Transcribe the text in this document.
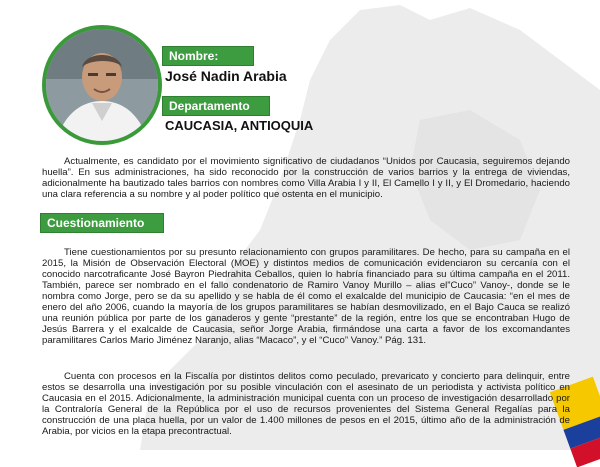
Nombre:
José Nadin Arabia
Departamento
CAUCASIA, ANTIOQUIA

Actualmente, es candidato por el movimiento significativo de ciudadanos “Unidos por Caucasia, seguiremos dejando huella”. En sus administraciones, ha sido reconocido por la construcción de varios barrios y la entrega de viviendas, adicionalmente ha bautizado tales barrios con nombres como Villa Arabia I y II, El Camello I y II, y El Dromedario, haciendo una clara referencia a su nombre y al poder político que ostenta en el municipio.

Cuestionamiento

Tiene cuestionamientos por su presunto relacionamiento con grupos paramilitares. De hecho, para su campaña en el 2015, la Misión de Observación Electoral (MOE) y distintos medios de comunicación evidenciaron su cercanía con el conocido narcotraficante José Bayron Piedrahita Ceballos, quien lo habría financiado para su última campaña en el 2011. También, parece ser nombrado en el fallo condenatorio de Ramiro Vanoy Murillo – alias el”Cuco” Vanoy-, donde se le nombra como Jorge, pero se da su apellido y se habla de él como el exalcalde del municipio de Caucasia: “en el mes de enero del año 2006, cuando la mayoría de los grupos paramilitares se habían desmovilizado, en el Bajo Cauca se realizó una reunión pública por parte de los ganaderos y gente “prestante” de la región, entre los que se encontraban Hugo de Jesús Barrera y el exalcalde de Caucasia, señor Jorge Arabia, firmándose una carta a favor de los excomandantes paramilitares Carlos Mario Jiménez Naranjo, alias “Macaco”, y el “Cuco” Vanoy.” Pág. 131.

Cuenta con procesos en la Fiscalía por distintos delitos como peculado, prevaricato y concierto para delinquir, entre estos se desarrolla una investigación por su posible vinculación con el asesinato de un periodista y activista político en Caucasia en el 2015. Adicionalmente, la administración municipal cuenta con un proceso de investigación desarrollado por la Contraloría General de la República por el uso de recursos provenientes del Sistema General Regalías para la construcción de una placa huella, por un valor de 1.400 millones de pesos en el 2015, último año de la administración de Arabia, por vicios en la etapa precontractual.
